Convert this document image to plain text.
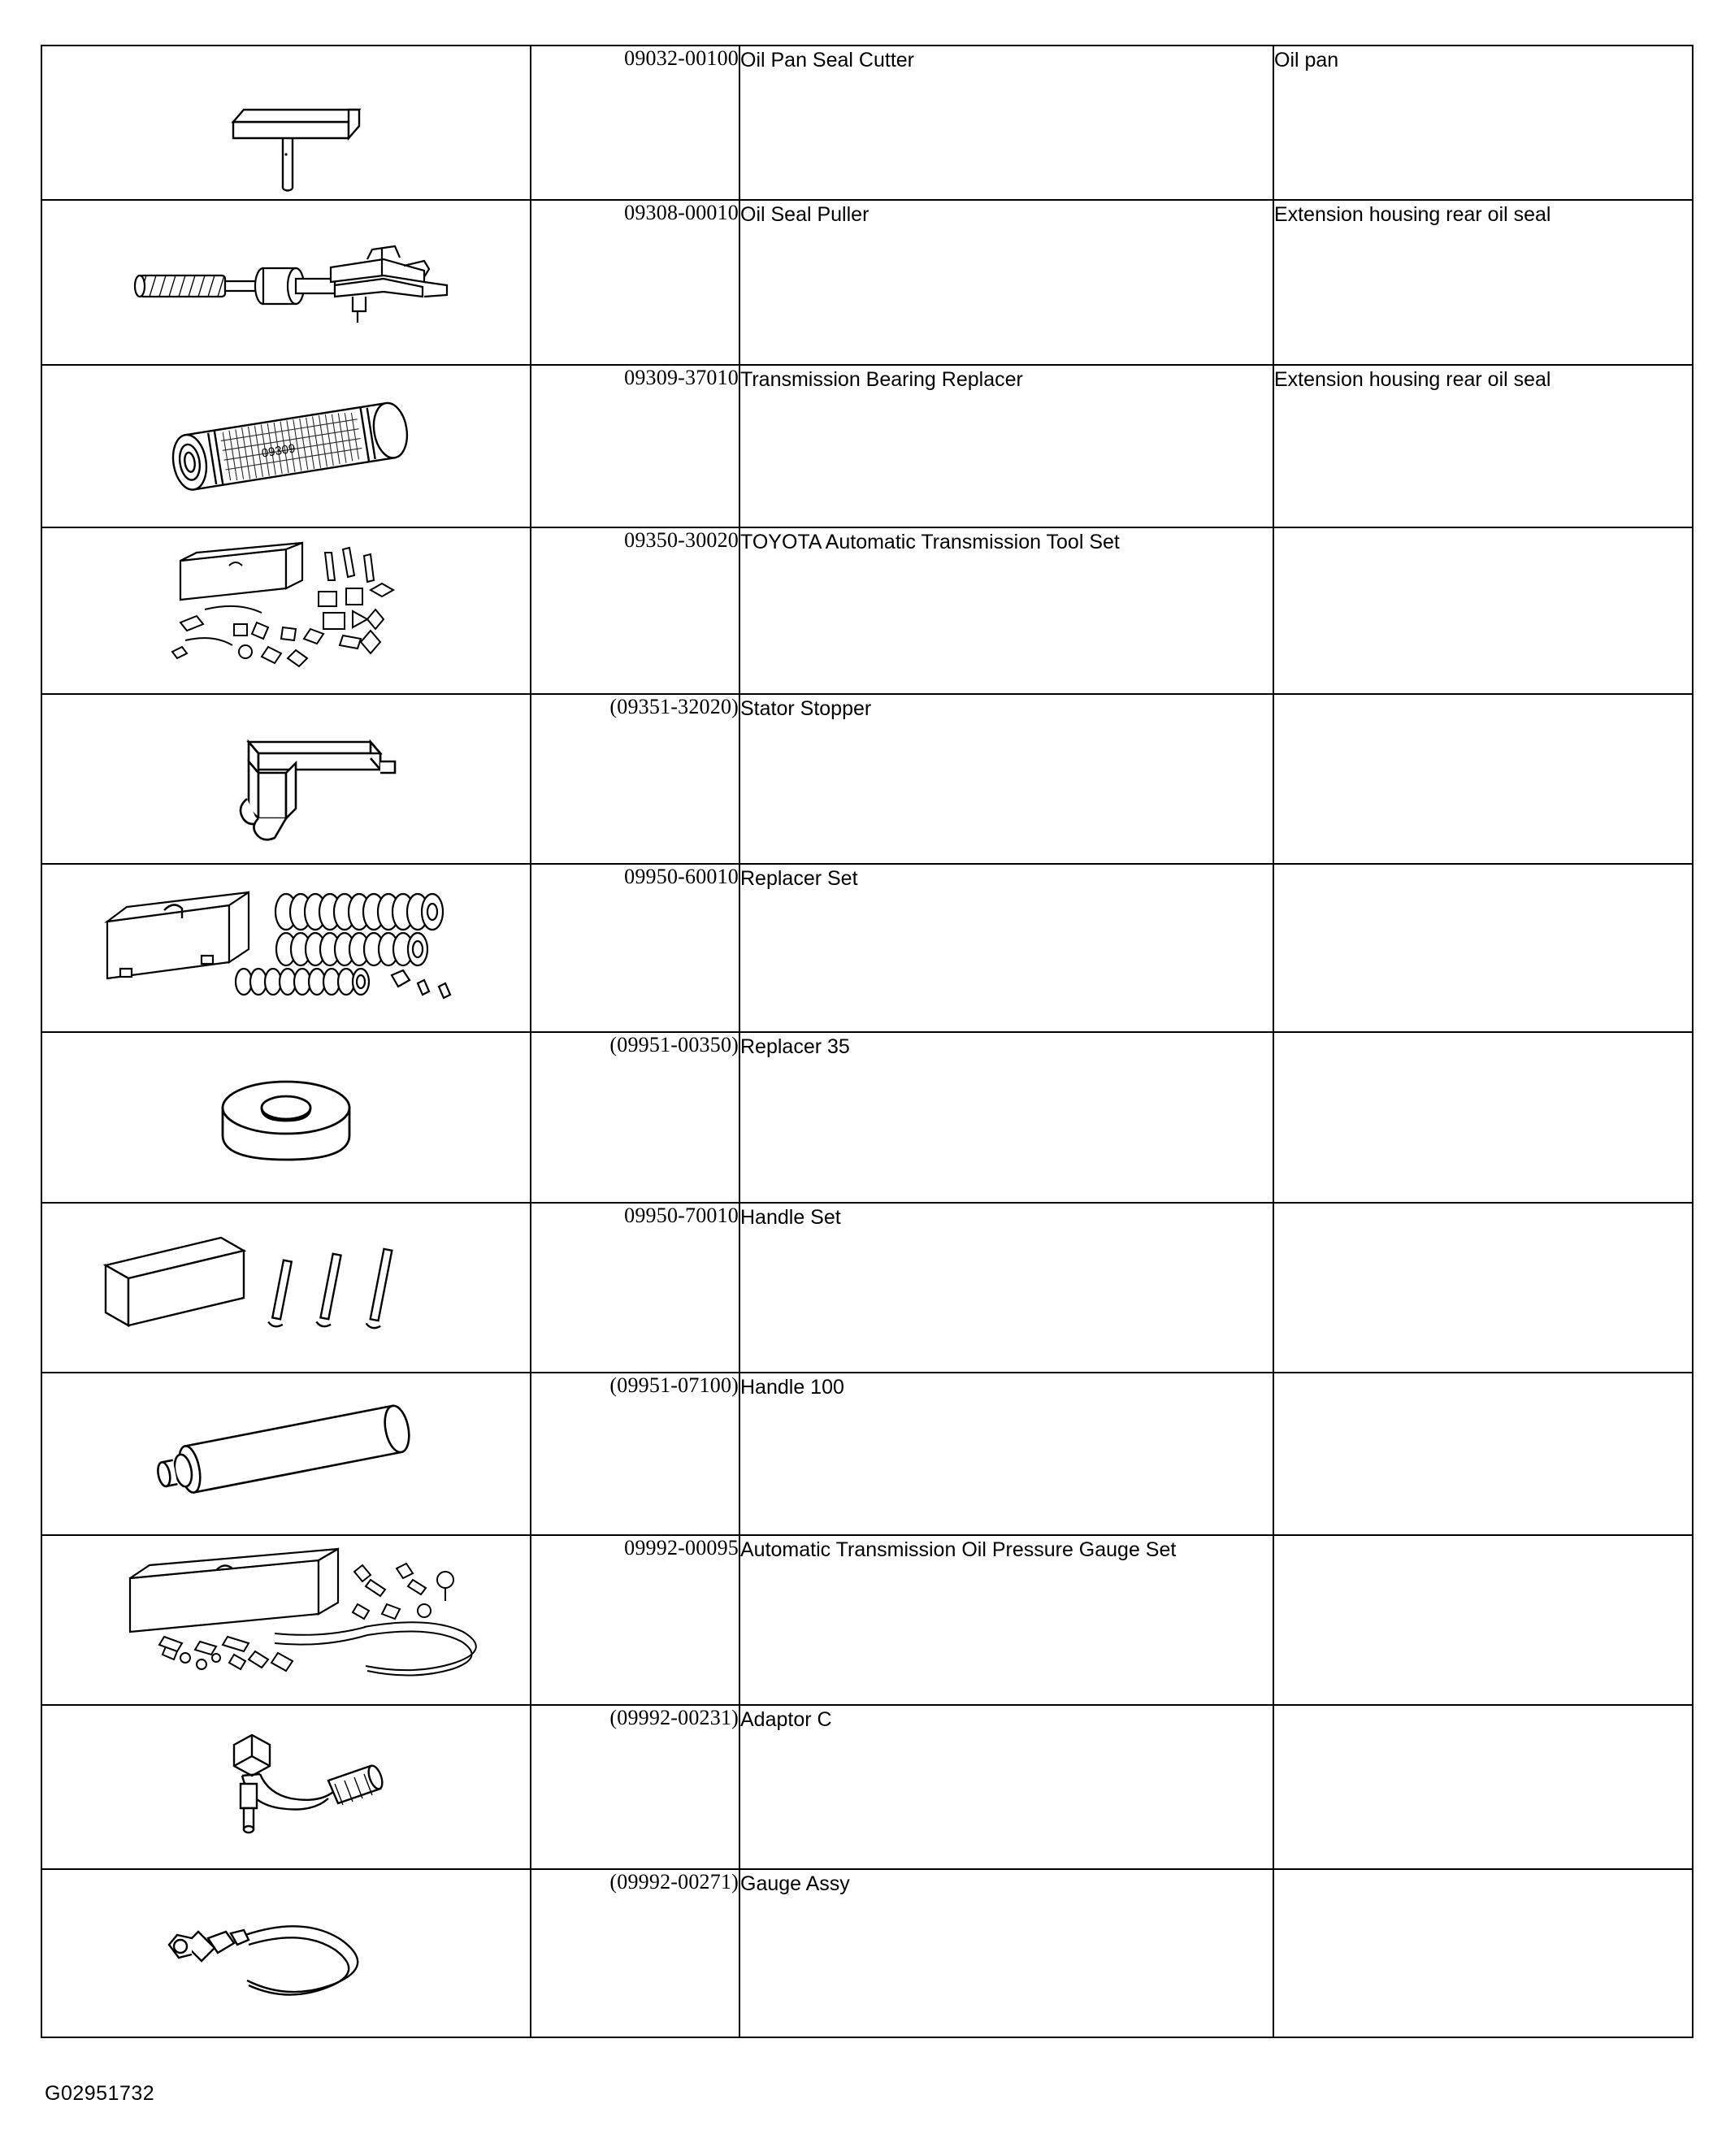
	09032-00100	Oil Pan Seal Cutter	Oil pan

	09308-00010	Oil Seal Puller	Extension housing rear oil seal

09309	09309-37010	Transmission Bearing Replacer	Extension housing rear oil seal

	09350-30020	TOYOTA Automatic Transmission Tool Set	

	(09351-32020)	Stator Stopper	

	09950-60010	Replacer Set	

	(09951-00350)	Replacer 35	

	09950-70010	Handle Set	

	(09951-07100)	Handle 100	

	09992-00095	Automatic Transmission Oil Pressure Gauge Set	

	(09992-00231)	Adaptor C	

	(09992-00271)	Gauge Assy	
G02951732
